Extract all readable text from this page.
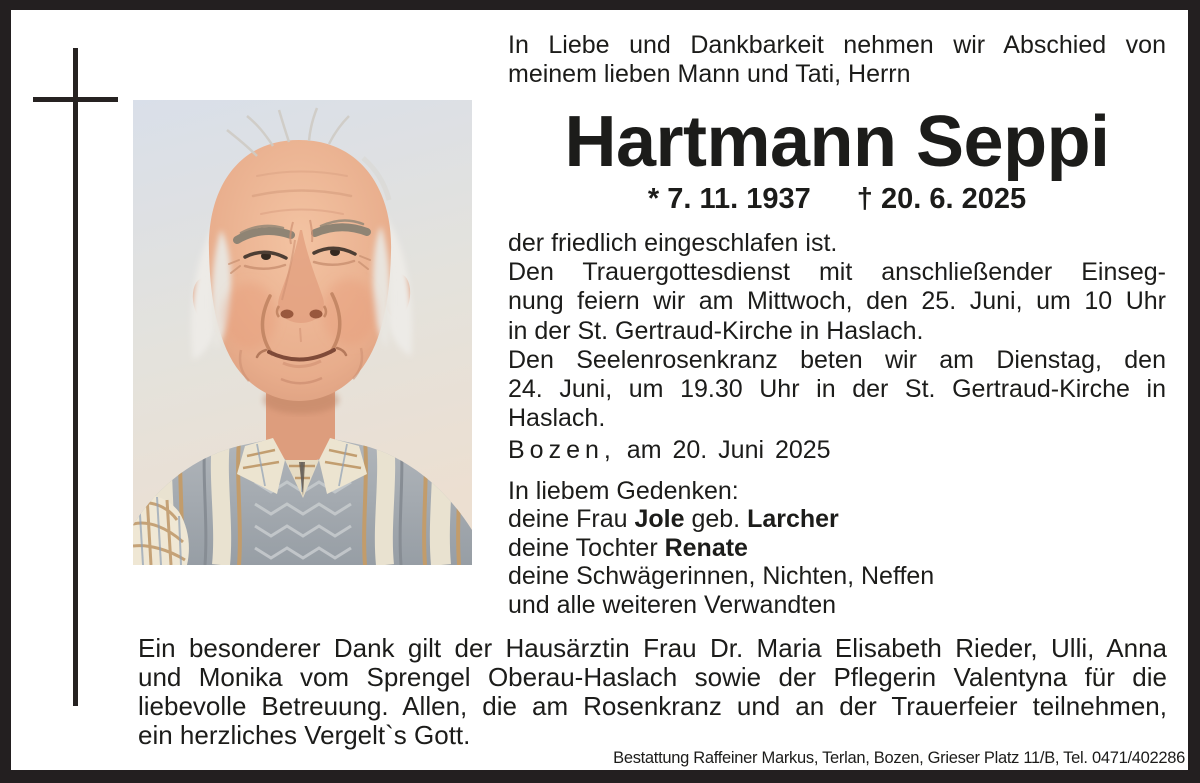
In Liebe und Dankbarkeit nehmen wir Abschied von
meinem lieben Mann und Tati, Herrn
Hartmann Seppi
* 7. 11. 1937 † 20. 6. 2025
der friedlich eingeschlafen ist.
Den Trauergottesdienst mit anschließender Einseg-
nung feiern wir am Mittwoch, den 25. Juni, um 10 Uhr
in der St. Gertraud-Kirche in Haslach.
Den Seelenrosenkranz beten wir am Dienstag, den
24. Juni, um 19.30 Uhr in der St. Gertraud-Kirche in
Haslach.
Bozen, am 20. Juni 2025
In liebem Gedenken:
deine Frau Jole geb. Larcher
deine Tochter Renate
deine Schwägerinnen, Nichten, Neffen
und alle weiteren Verwandten
Ein besonderer Dank gilt der Hausärztin Frau Dr. Maria Elisabeth Rieder, Ulli, Anna
und Monika vom Sprengel Oberau-Haslach sowie der Pflegerin Valentyna für die
liebevolle Betreuung. Allen, die am Rosenkranz und an der Trauerfeier teilnehmen,
ein herzliches Vergelt`s Gott.
Bestattung Raffeiner Markus, Terlan, Bozen, Grieser Platz 11/B, Tel. 0471/402286
